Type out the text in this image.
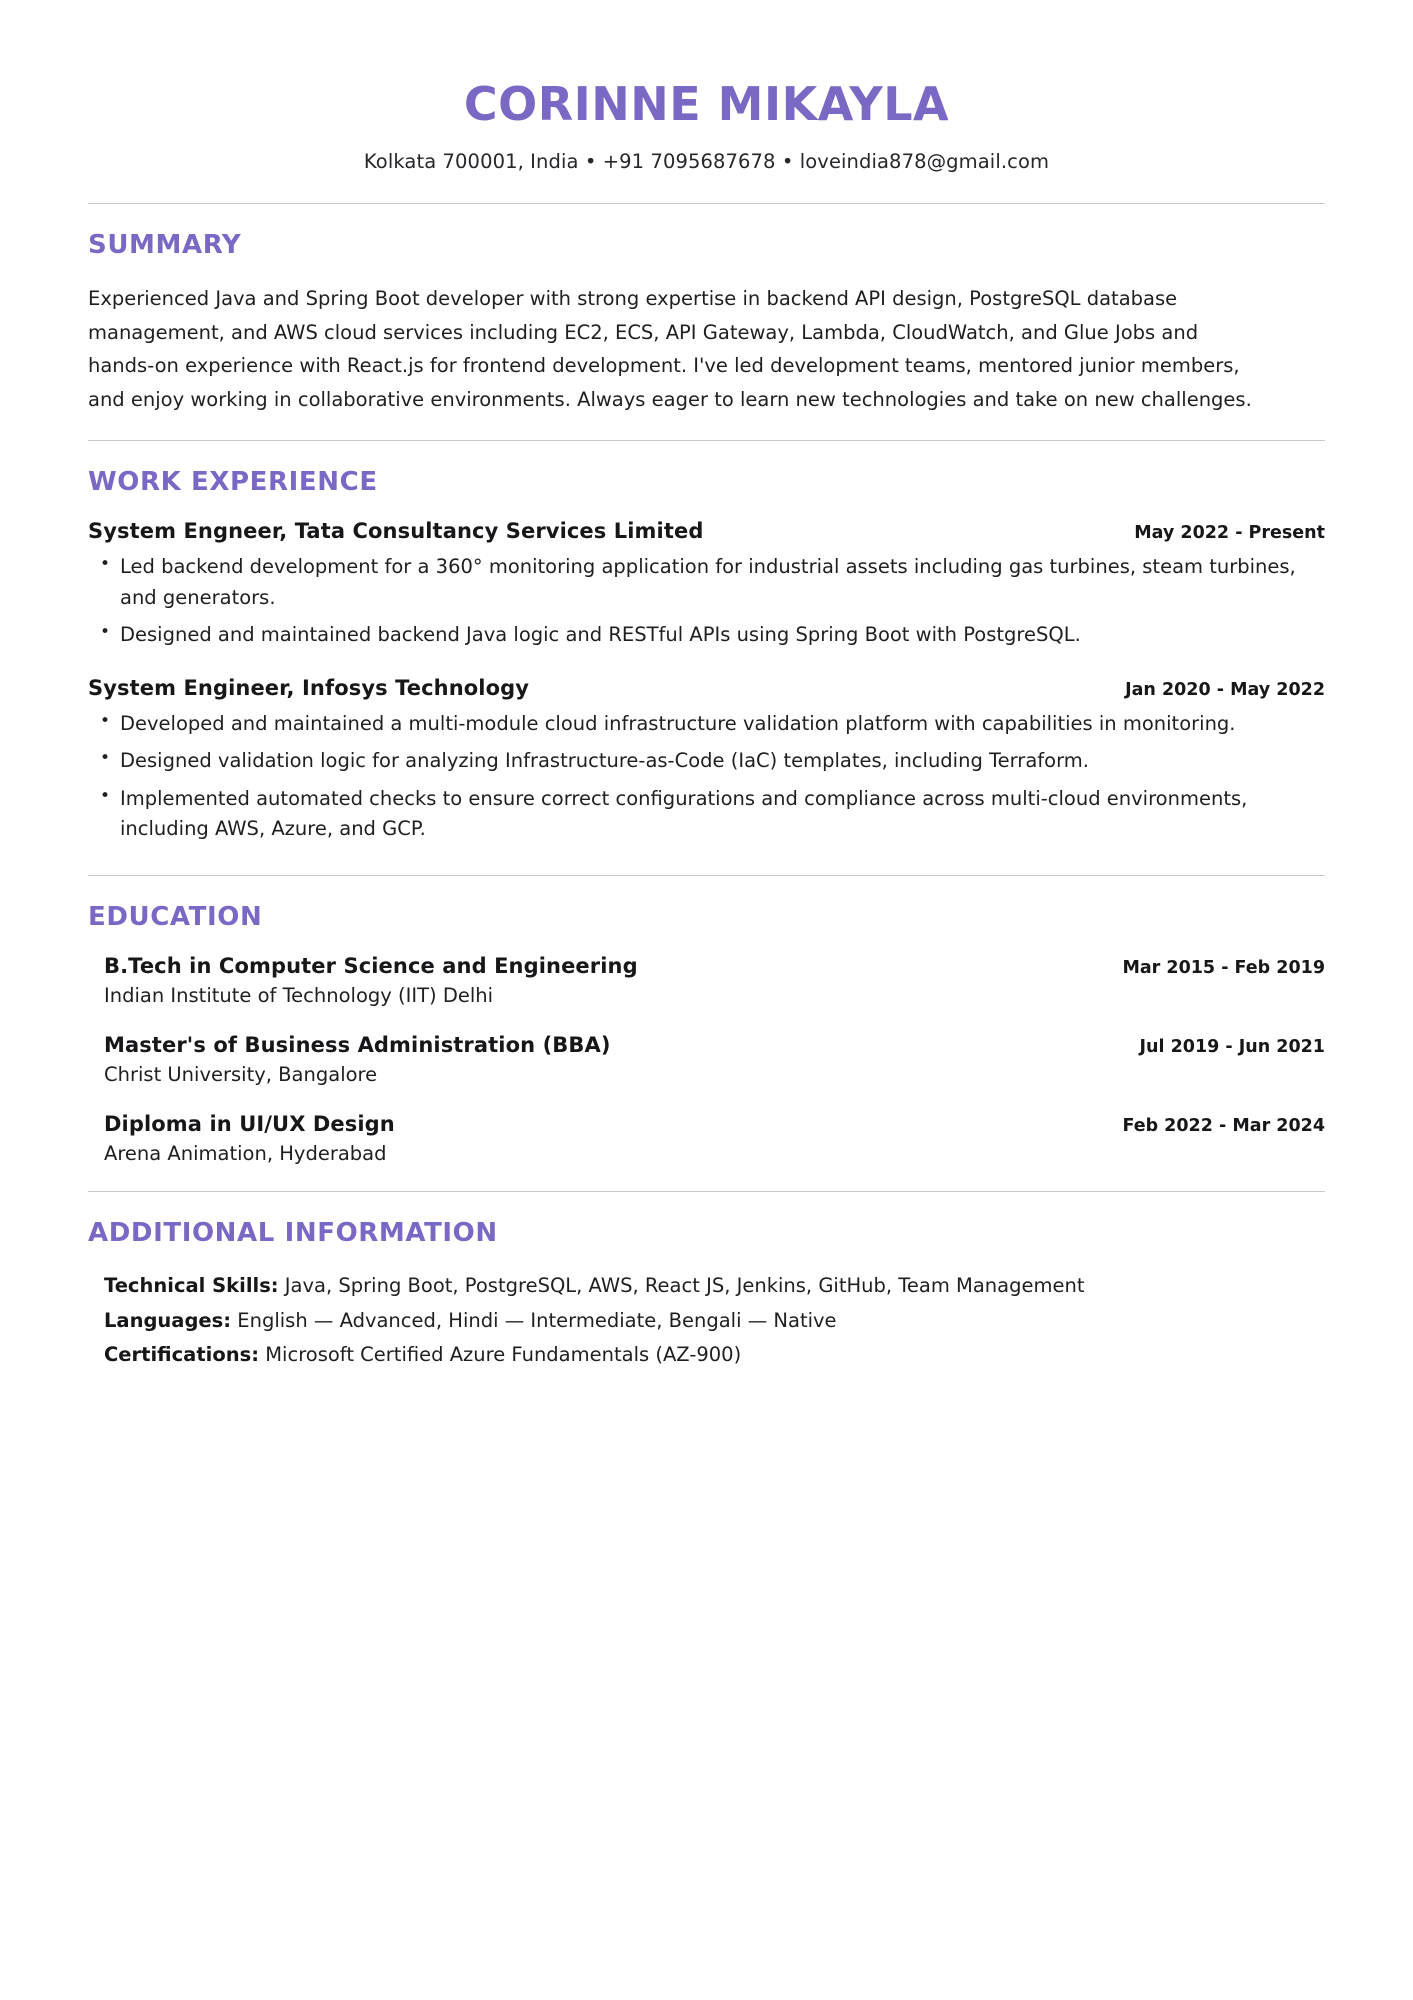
CORINNE MIKAYLA
Kolkata 700001, India • +91 7095687678 • loveindia878@gmail.com
SUMMARY

Experienced Java and Spring Boot developer with strong expertise in backend API design, PostgreSQL database management, and AWS cloud services including EC2, ECS, API Gateway, Lambda, CloudWatch, and Glue Jobs and hands-on experience with React.js for frontend development. I've led development teams, mentored junior members, and enjoy working in collaborative environments. Always eager to learn new technologies and take on new challenges.

WORK EXPERIENCE
System Engneer, Tata Consultancy Services Limited	May 2022 - Present
• Led backend development for a 360° monitoring application for industrial assets including gas turbines, steam turbines, and generators.
• Designed and maintained backend Java logic and RESTful APIs using Spring Boot with PostgreSQL.
System Engineer, Infosys Technology	Jan 2020 - May 2022
• Developed and maintained a multi-module cloud infrastructure validation platform with capabilities in monitoring.
• Designed validation logic for analyzing Infrastructure-as-Code (IaC) templates, including Terraform.
• Implemented automated checks to ensure correct configurations and compliance across multi-cloud environments, including AWS, Azure, and GCP.
EDUCATION
B.Tech in Computer Science and Engineering	Mar 2015 - Feb 2019
Indian Institute of Technology (IIT) Delhi
Master's of Business Administration (BBA)	Jul 2019 - Jun 2021
Christ University, Bangalore
Diploma in UI/UX Design	Feb 2022 - Mar 2024
Arena Animation, Hyderabad
ADDITIONAL INFORMATION
Technical Skills: Java, Spring Boot, PostgreSQL, AWS, React JS, Jenkins, GitHub, Team Management
Languages: English — Advanced, Hindi — Intermediate, Bengali — Native
Certifications: Microsoft Certified Azure Fundamentals (AZ-900)
